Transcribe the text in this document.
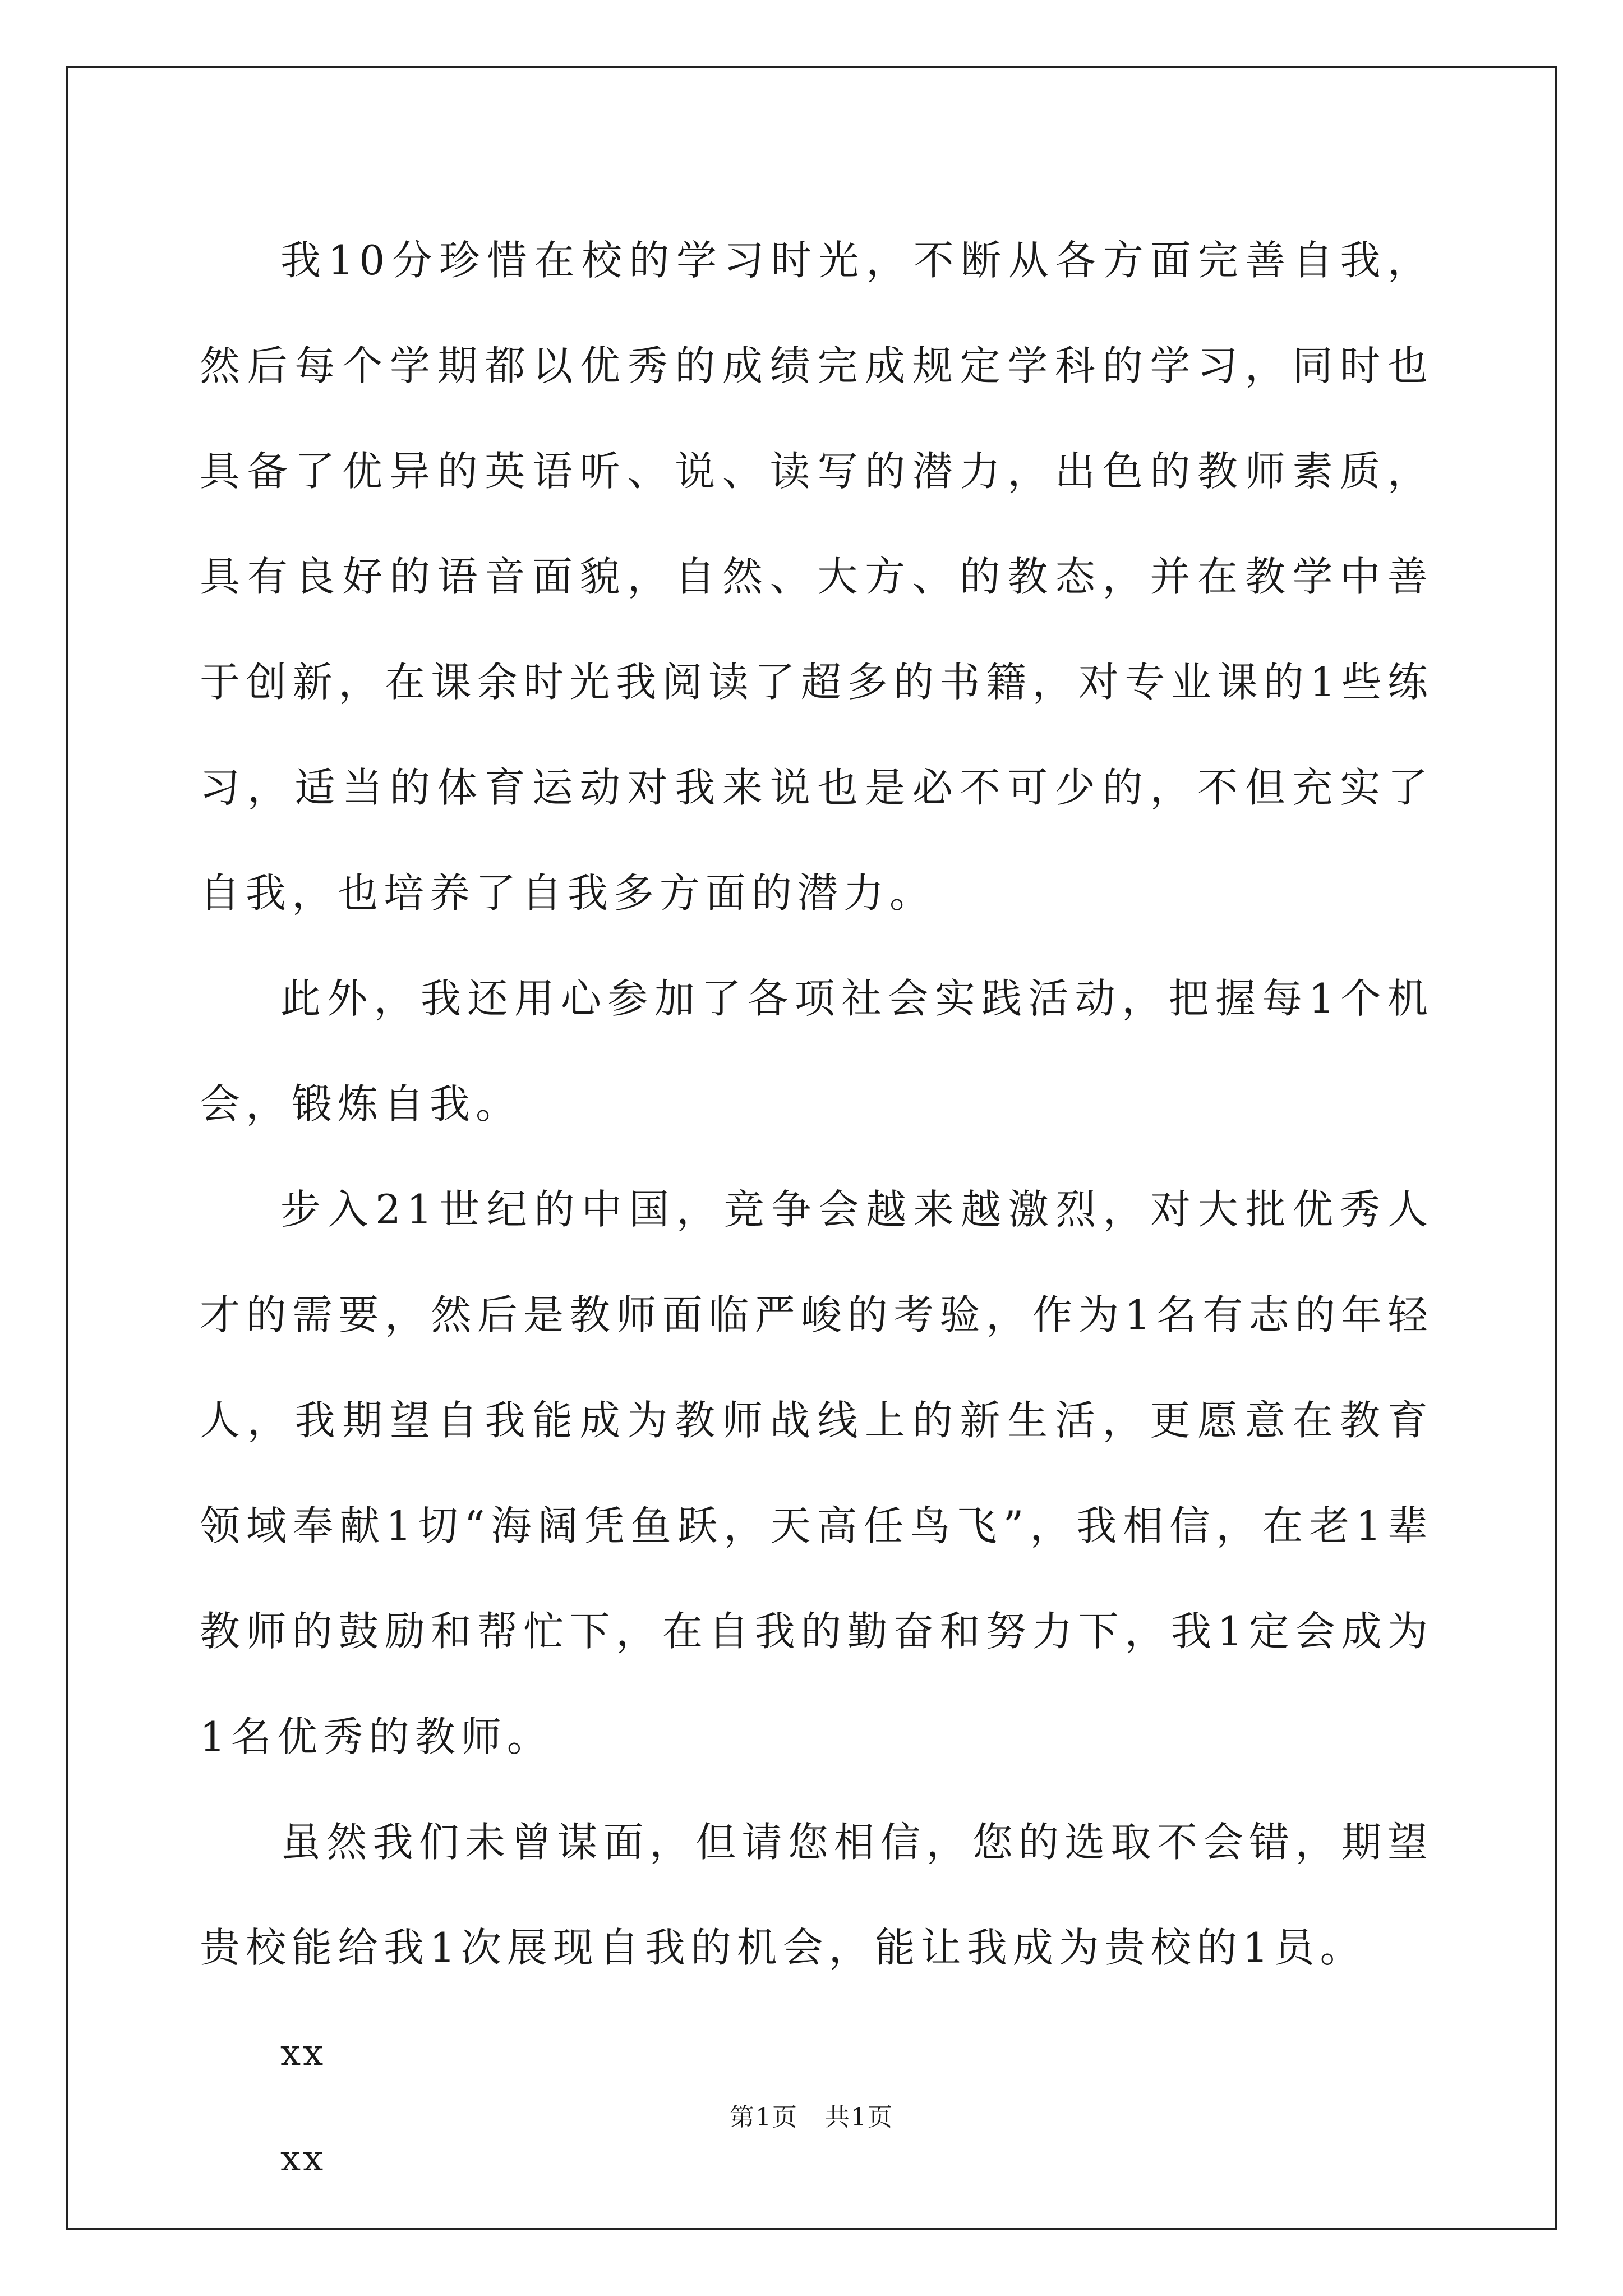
我10分珍惜在校的学习时光，不断从各方面完善自我，然后每个学期都以优秀的成绩完成规定学科的学习，同时也具备了优异的英语听、说、读写的潜力，出色的教师素质，具有良好的语音面貌，自然、大方、的教态，并在教学中善于创新，在课余时光我阅读了超多的书籍，对专业课的1些练习，适当的体育运动对我来说也是必不可少的，不但充实了自我，也培养了自我多方面的潜力。

此外，我还用心参加了各项社会实践活动，把握每1个机会，锻炼自我。

步入21世纪的中国，竞争会越来越激烈，对大批优秀人才的需要，然后是教师面临严峻的考验，作为1名有志的年轻人，我期望自我能成为教师战线上的新生活，更愿意在教育领域奉献1切“海阔凭鱼跃，天高任鸟飞”，我相信，在老1辈教师的鼓励和帮忙下，在自我的勤奋和努力下，我1定会成为1名优秀的教师。

虽然我们未曾谋面，但请您相信，您的选取不会错，期望贵校能给我1次展现自我的机会，能让我成为贵校的1员。

xx

xx

第1页 共1页
